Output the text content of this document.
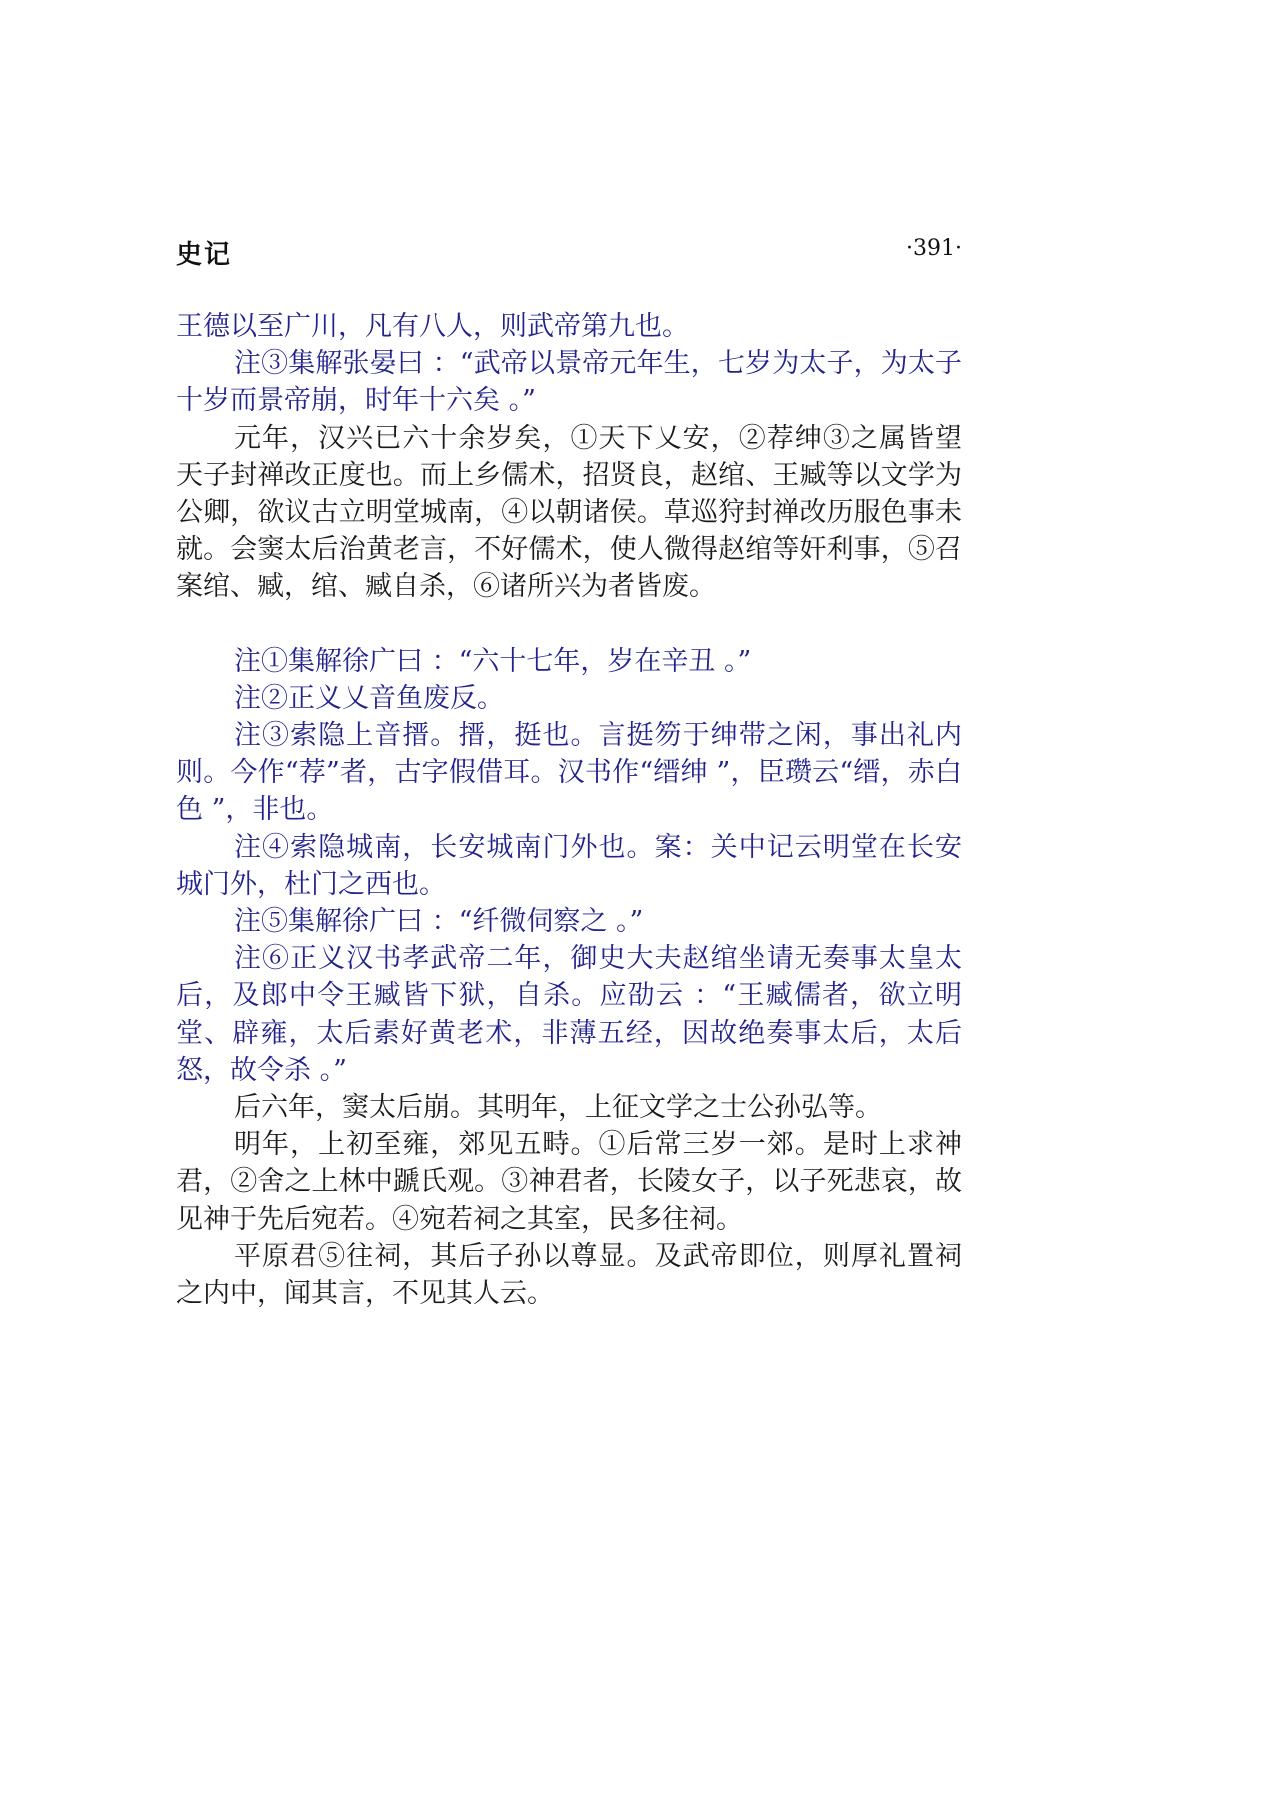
史记	·391·

王德以至广川，凡有八人，则武帝第九也。

注③集解张晏曰 ：“武帝以景帝元年生，七岁为太子，为太子十岁而景帝崩，时年十六矣 。”

元年，汉兴已六十余岁矣，①天下乂安，②荐绅③之属皆望天子封禅改正度也。而上乡儒术，招贤良，赵绾、王臧等以文学为公卿，欲议古立明堂城南，④以朝诸侯。草巡狩封禅改历服色事未就。会窦太后治黄老言，不好儒术，使人微得赵绾等奸利事，⑤召案绾、臧，绾、臧自杀，⑥诸所兴为者皆废。

注①集解徐广曰 ：“六十七年，岁在辛丑 。”

注②正义乂音鱼废反。

注③索隐上音搢。搢，挺也。言挺笏于绅带之闲，事出礼内则。今作“荐”者，古字假借耳。汉书作“缙绅 ”，臣瓒云“缙，赤白色 ”，非也。

注④索隐城南，长安城南门外也。案：关中记云明堂在长安城门外，杜门之西也。

注⑤集解徐广曰 ：“纤微伺察之 。”

注⑥正义汉书孝武帝二年，御史大夫赵绾坐请无奏事太皇太后，及郎中令王臧皆下狱，自杀。应劭云 ：“王臧儒者，欲立明堂、辟雍，太后素好黄老术，非薄五经，因故绝奏事太后，太后怒，故令杀 。”

后六年，窦太后崩。其明年，上征文学之士公孙弘等。

明年，上初至雍，郊见五畤。①后常三岁一郊。是时上求神君，②舍之上林中蹏氏观。③神君者，长陵女子，以子死悲哀，故见神于先后宛若。④宛若祠之其室，民多往祠。

平原君⑤往祠，其后子孙以尊显。及武帝即位，则厚礼置祠之内中，闻其言，不见其人云。
